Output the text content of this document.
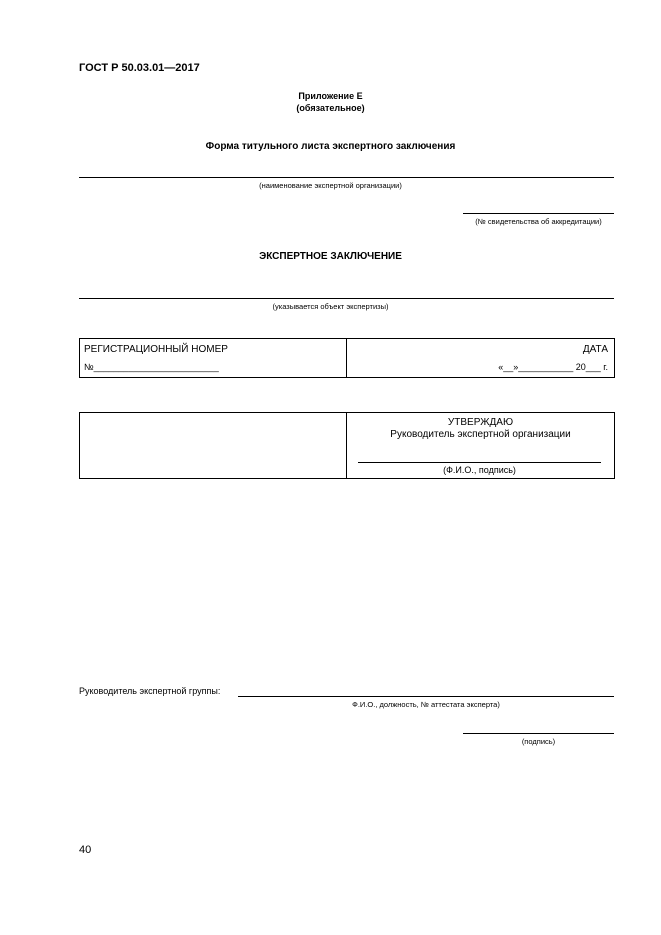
ГОСТ Р 50.03.01—2017
Приложение Е
(обязательное)
Форма титульного листа экспертного заключения
(наименование экспертной организации)
(№ свидетельства об аккредитации)
ЭКСПЕРТНОЕ ЗАКЛЮЧЕНИЕ
(указывается объект экспертизы)
РЕГИСТРАЦИОННЫЙ НОМЕР
№_________________________
ДАТА
«__»___________ 20___ г.
УТВЕРЖДАЮ
Руководитель экспертной организации
(Ф.И.О., подпись)
Руководитель экспертной группы:
Ф.И.О., должность, № аттестата эксперта)
(подпись)
40
